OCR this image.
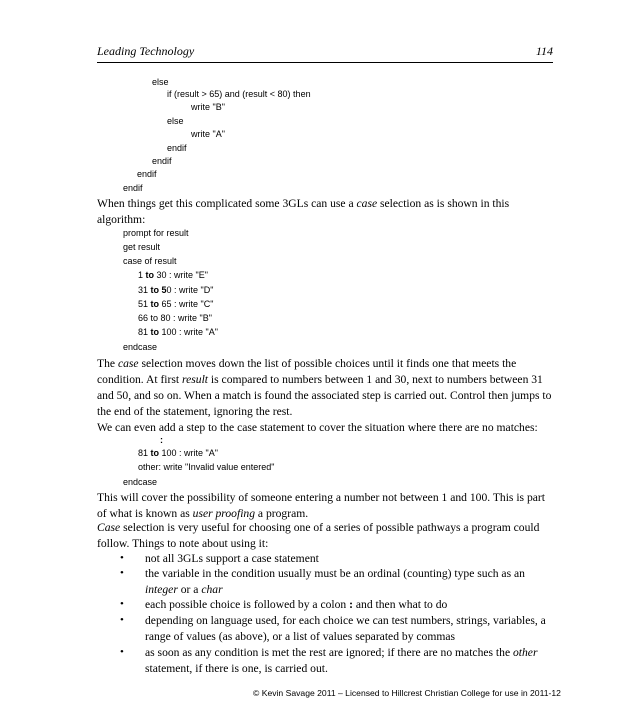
Leading Technology	114
else
if (result > 65) and (result < 80) then
write "B"
else
write "A"
endif
endif
endif
endif
When things get this complicated some 3GLs can use a case selection as is shown in this algorithm:
prompt for result
get result
case of result
1 to 30 : write "E"
31 to 50 : write "D"
51 to 65 : write "C"
66 to 80 : write "B"
81 to 100 : write "A"
endcase
The case selection moves down the list of possible choices until it finds one that meets the condition. At first result is compared to numbers between 1 and 30, next to numbers between 31 and 50, and so on. When a match is found the associated step is carried out. Control then jumps to the end of the statement, ignoring the rest.
We can even add a step to the case statement to cover the situation where there are no matches:
:
81 to 100 : write "A"
other: write "Invalid value entered"
endcase
This will cover the possibility of someone entering a number not between 1 and 100. This is part of what is known as user proofing a program.
Case selection is very useful for choosing one of a series of possible pathways a program could follow. Things to note about using it:
• not all 3GLs support a case statement
• the variable in the condition usually must be an ordinal (counting) type such as an integer or a char
• each possible choice is followed by a colon : and then what to do
• depending on language used, for each choice we can test numbers, strings, variables, a range of values (as above), or a list of values separated by commas
• as soon as any condition is met the rest are ignored; if there are no matches the other statement, if there is one, is carried out.
© Kevin Savage 2011 – Licensed to Hillcrest Christian College for use in 2011-12
